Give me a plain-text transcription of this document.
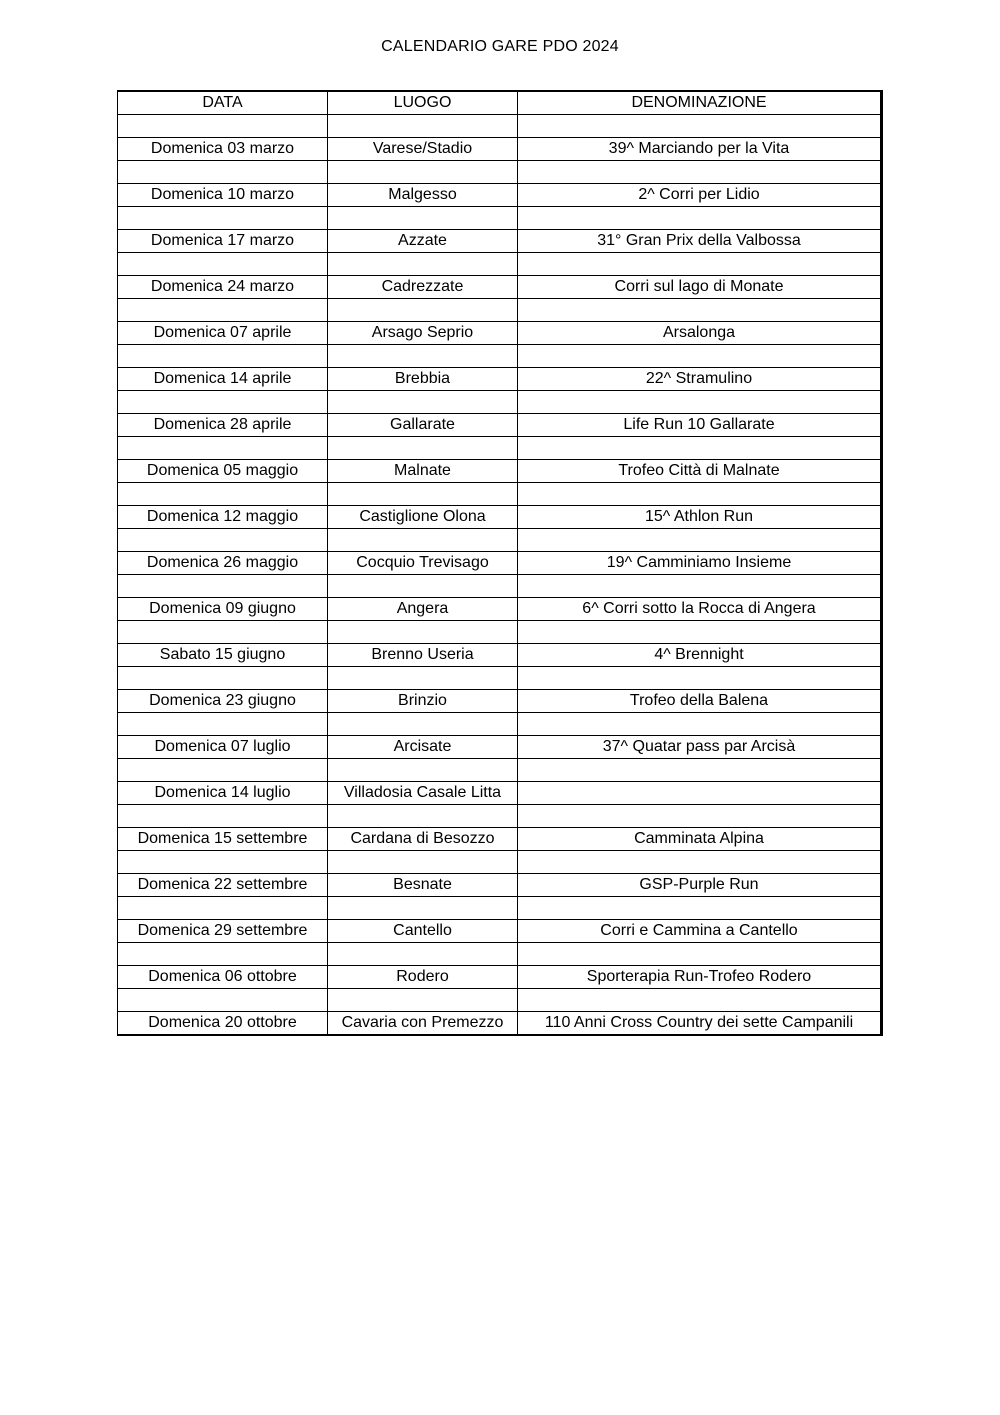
CALENDARIO GARE PDO 2024
DATA	LUOGO	DENOMINAZIONE

Domenica 03 marzo	Varese/Stadio	39^ Marciando per la Vita

Domenica 10 marzo	Malgesso	2^ Corri per Lidio

Domenica 17 marzo	Azzate	31° Gran Prix della Valbossa

Domenica 24 marzo	Cadrezzate	Corri sul lago di Monate

Domenica 07 aprile	Arsago Seprio	Arsalonga

Domenica 14 aprile	Brebbia	22^ Stramulino

Domenica 28 aprile	Gallarate	Life Run 10 Gallarate

Domenica 05 maggio	Malnate	Trofeo Città di Malnate

Domenica 12 maggio	Castiglione Olona	15^ Athlon Run

Domenica 26 maggio	Cocquio Trevisago	19^ Camminiamo Insieme

Domenica 09 giugno	Angera	6^ Corri sotto la Rocca di Angera

Sabato 15 giugno	Brenno Useria	4^ Brennight

Domenica 23 giugno	Brinzio	Trofeo della Balena

Domenica 07 luglio	Arcisate	37^ Quatar pass par Arcisà

Domenica 14 luglio	Villadosia Casale Litta	

Domenica 15 settembre	Cardana di Besozzo	Camminata Alpina

Domenica 22 settembre	Besnate	GSP-Purple Run

Domenica 29 settembre	Cantello	Corri e Cammina a Cantello

Domenica 06 ottobre	Rodero	Sporterapia Run-Trofeo Rodero

Domenica 20 ottobre	Cavaria con Premezzo	110 Anni Cross Country dei sette Campanili
